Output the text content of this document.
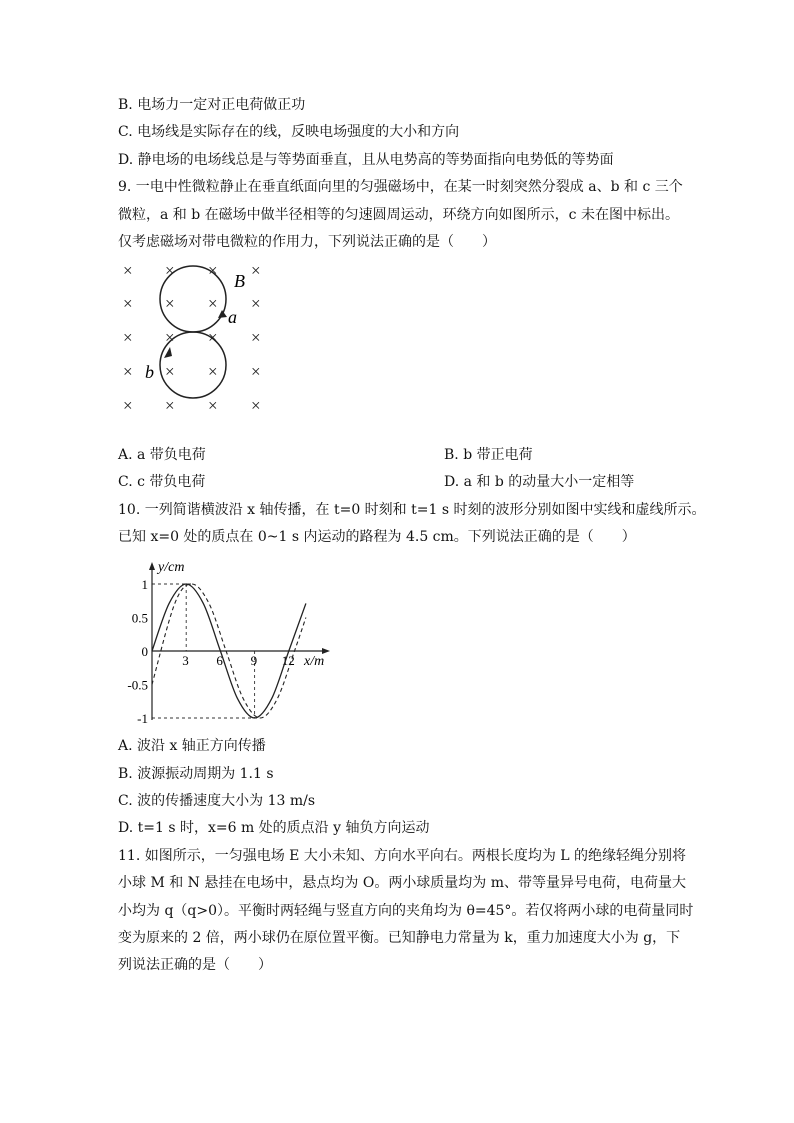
B. 电场力一定对正电荷做正功
C. 电场线是实际存在的线，反映电场强度的大小和方向
D. 静电场的电场线总是与等势面垂直，且从电势高的等势面指向电势低的等势面
9. 一电中性微粒静止在垂直纸面向里的匀强磁场中，在某一时刻突然分裂成 a、b 和 c 三个
微粒，a 和 b 在磁场中做半径相等的匀速圆周运动，环绕方向如图所示，c 未在图中标出。
仅考虑磁场对带电微粒的作用力，下列说法正确的是（　　）
× × × ×
× × × ×
× × × ×
× × × ×
× × × ×
B
a
b
A. a 带负电荷	B. b 带正电荷
C. c 带负电荷	D. a 和 b 的动量大小一定相等
10. 一列简谐横波沿 x 轴传播，在 t=0 时刻和 t=1 s 时刻的波形分别如图中实线和虚线所示。
已知 x=0 处的质点在 0~1 s 内运动的路程为 4.5 cm。下列说法正确的是（　　）
y/cm
x/m
3 6 9 12
1
0.5
0
-0.5
-1
A. 波沿 x 轴正方向传播
B. 波源振动周期为 1.1 s
C. 波的传播速度大小为 13 m/s
D. t=1 s 时，x=6 m 处的质点沿 y 轴负方向运动
11. 如图所示，一匀强电场 E 大小未知、方向水平向右。两根长度均为 L 的绝缘轻绳分别将
小球 M 和 N 悬挂在电场中，悬点均为 O。两小球质量均为 m、带等量异号电荷，电荷量大
小均为 q（q>0）。平衡时两轻绳与竖直方向的夹角均为 θ=45°。若仅将两小球的电荷量同时
变为原来的 2 倍，两小球仍在原位置平衡。已知静电力常量为 k，重力加速度大小为 g，下
列说法正确的是（　　）
